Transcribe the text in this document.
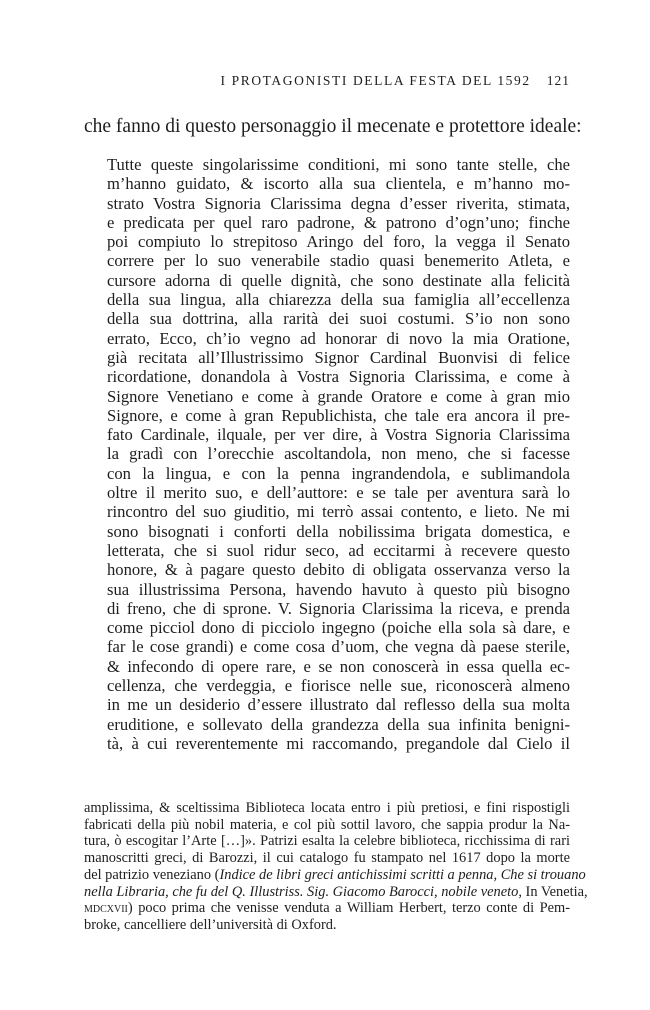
I PROTAGONISTI DELLA FESTA DEL 1592 121
che fanno di questo personaggio il mecenate e protettore ideale:
Tutte queste singolarissime conditioni, mi sono tante stelle, che
m’hanno guidato, & iscorto alla sua clientela, e m’hanno mo-
strato Vostra Signoria Clarissima degna d’esser riverita, stimata,
e predicata per quel raro padrone, & patrono d’ogn’uno; finche
poi compiuto lo strepitoso Aringo del foro, la vegga il Senato
correre per lo suo venerabile stadio quasi benemerito Atleta, e
cursore adorna di quelle dignità, che sono destinate alla felicità
della sua lingua, alla chiarezza della sua famiglia all’eccellenza
della sua dottrina, alla rarità dei suoi costumi. S’io non sono
errato, Ecco, ch’io vegno ad honorar di novo la mia Oratione,
già recitata all’Illustrissimo Signor Cardinal Buonvisi di felice
ricordatione, donandola à Vostra Signoria Clarissima, e come à
Signore Venetiano e come à grande Oratore e come à gran mio
Signore, e come à gran Republichista, che tale era ancora il pre-
fato Cardinale, ilquale, per ver dire, à Vostra Signoria Clarissima
la gradì con l’orecchie ascoltandola, non meno, che si facesse
con la lingua, e con la penna ingrandendola, e sublimandola
oltre il merito suo, e dell’auttore: e se tale per aventura sarà lo
rincontro del suo giuditio, mi terrò assai contento, e lieto. Ne mi
sono bisognati i conforti della nobilissima brigata domestica, e
letterata, che si suol ridur seco, ad eccitarmi à recevere questo
honore, & à pagare questo debito di obligata osservanza verso la
sua illustrissima Persona, havendo havuto à questo più bisogno
di freno, che di sprone. V. Signoria Clarissima la riceva, e prenda
come picciol dono di picciolo ingegno (poiche ella sola sà dare, e
far le cose grandi) e come cosa d’uom, che vegna dà paese sterile,
& infecondo di opere rare, e se non conoscerà in essa quella ec-
cellenza, che verdeggia, e fiorisce nelle sue, riconoscerà almeno
in me un desiderio d’essere illustrato dal reflesso della sua molta
eruditione, e sollevato della grandezza della sua infinita benigni-
tà, à cui reverentemente mi raccomando, pregandole dal Cielo il
amplissima, & sceltissima Biblioteca locata entro i più pretiosi, e fini rispostigli
fabricati della più nobil materia, e col più sottil lavoro, che sappia produr la Na-
tura, ò escogitar l’Arte […]». Patrizi esalta la celebre biblioteca, ricchissima di rari
manoscritti greci, di Barozzi, il cui catalogo fu stampato nel 1617 dopo la morte
del patrizio veneziano (Indice de libri greci antichissimi scritti a penna, Che si trouano
nella Libraria, che fu del Q. Illustriss. Sig. Giacomo Barocci, nobile veneto, In Venetia,
mdcxvii) poco prima che venisse venduta a William Herbert, terzo conte di Pem-
broke, cancelliere dell’università di Oxford.
